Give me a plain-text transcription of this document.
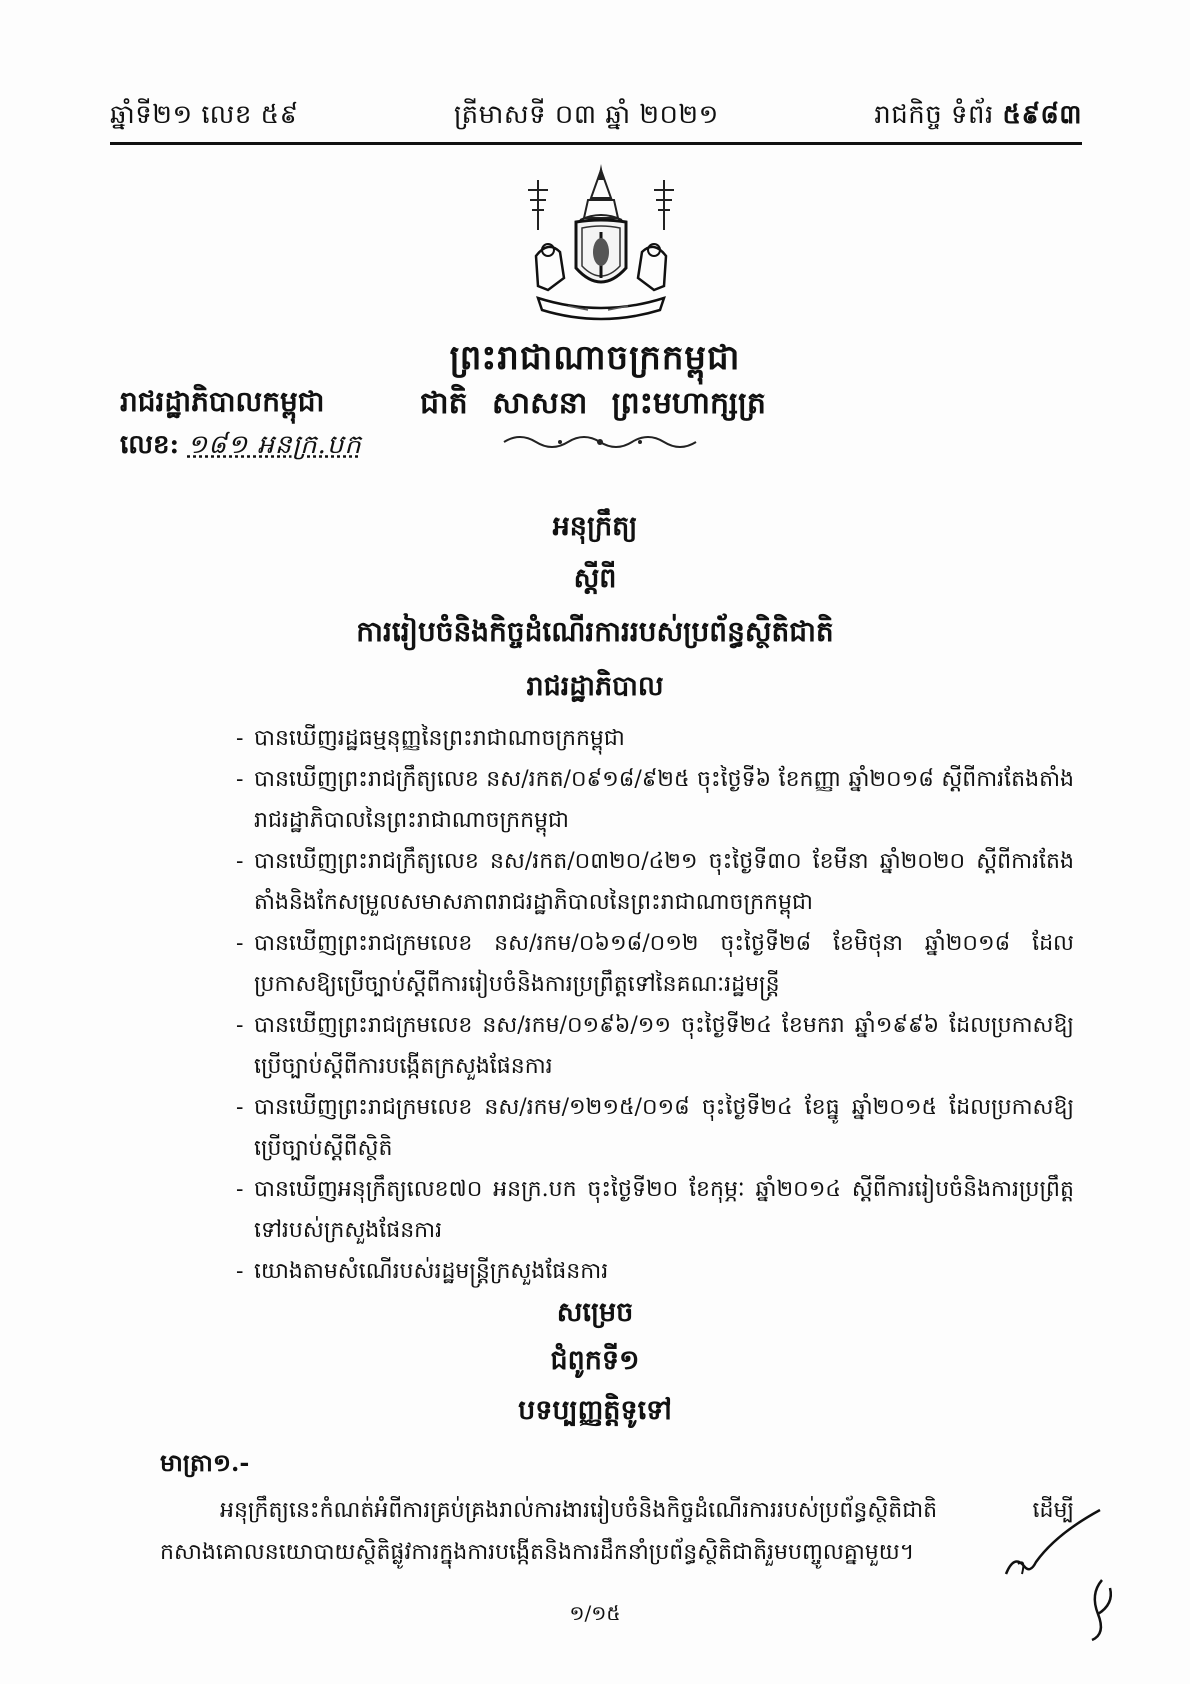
ឆ្នាំទី២១ លេខ ៥៩	ត្រីមាសទី ០៣ ឆ្នាំ ២០២១	រាជកិច្ច ទំព័រ ៥៩៨៣
ព្រះរាជាណាចក្រកម្ពុជា
រាជរដ្ឋាភិបាលកម្ពុជា	ជាតិ សាសនា ព្រះមហាក្សត្រ
លេខ: ១៨១ អនក្រ.បក
អនុក្រឹត្យ
ស្ដីពី
ការរៀបចំនិងកិច្ចដំណើរការរបស់ប្រព័ន្ធស្ថិតិជាតិ
រាជរដ្ឋាភិបាល
- បានឃើញរដ្ឋធម្មនុញ្ញនៃព្រះរាជាណាចក្រកម្ពុជា
- បានឃើញព្រះរាជក្រឹត្យលេខ នស/រកត/០៩១៨/៩២៥ ចុះថ្ងៃទី៦ ខែកញ្ញា ឆ្នាំ២០១៨ ស្ដីពីការតែងតាំងរាជរដ្ឋាភិបាលនៃព្រះរាជាណាចក្រកម្ពុជា
- បានឃើញព្រះរាជក្រឹត្យលេខ នស/រកត/០៣២០/៤២១ ចុះថ្ងៃទី៣០ ខែមីនា ឆ្នាំ២០២០ ស្ដីពីការតែងតាំងនិងកែសម្រួលសមាសភាពរាជរដ្ឋាភិបាលនៃព្រះរាជាណាចក្រកម្ពុជា
- បានឃើញព្រះរាជក្រមលេខ នស/រកម/០៦១៨/០១២ ចុះថ្ងៃទី២៨ ខែមិថុនា ឆ្នាំ២០១៨ ដែលប្រកាសឱ្យប្រើច្បាប់ស្ដីពីការរៀបចំនិងការប្រព្រឹត្តទៅនៃគណៈរដ្ឋមន្ត្រី
- បានឃើញព្រះរាជក្រមលេខ នស/រកម/០១៩៦/១១ ចុះថ្ងៃទី២៤ ខែមករា ឆ្នាំ១៩៩៦ ដែលប្រកាសឱ្យប្រើច្បាប់ស្ដីពីការបង្កើតក្រសួងផែនការ
- បានឃើញព្រះរាជក្រមលេខ នស/រកម/១២១៥/០១៨ ចុះថ្ងៃទី២៤ ខែធ្នូ ឆ្នាំ២០១៥ ដែលប្រកាសឱ្យប្រើច្បាប់ស្ដីពីស្ថិតិ
- បានឃើញអនុក្រឹត្យលេខ៧០ អនក្រ.បក ចុះថ្ងៃទី២០ ខែកុម្ភៈ ឆ្នាំ២០១៤ ស្ដីពីការរៀបចំនិងការប្រព្រឹត្តទៅរបស់ក្រសួងផែនការ
- យោងតាមសំណើរបស់រដ្ឋមន្ត្រីក្រសួងផែនការ
សម្រេច
ជំពូកទី១
បទប្បញ្ញត្តិទូទៅ
មាត្រា១.-

អនុក្រឹត្យនេះកំណត់អំពីការគ្រប់គ្រងរាល់ការងាររៀបចំនិងកិច្ចដំណើរការរបស់ប្រព័ន្ធស្ថិតិជាតិ ដើម្បីកសាងគោលនយោបាយស្ថិតិផ្លូវការក្នុងការបង្កើតនិងការដឹកនាំប្រព័ន្ធស្ថិតិជាតិរួមបញ្ចូលគ្នាមួយ។

១/១៥
